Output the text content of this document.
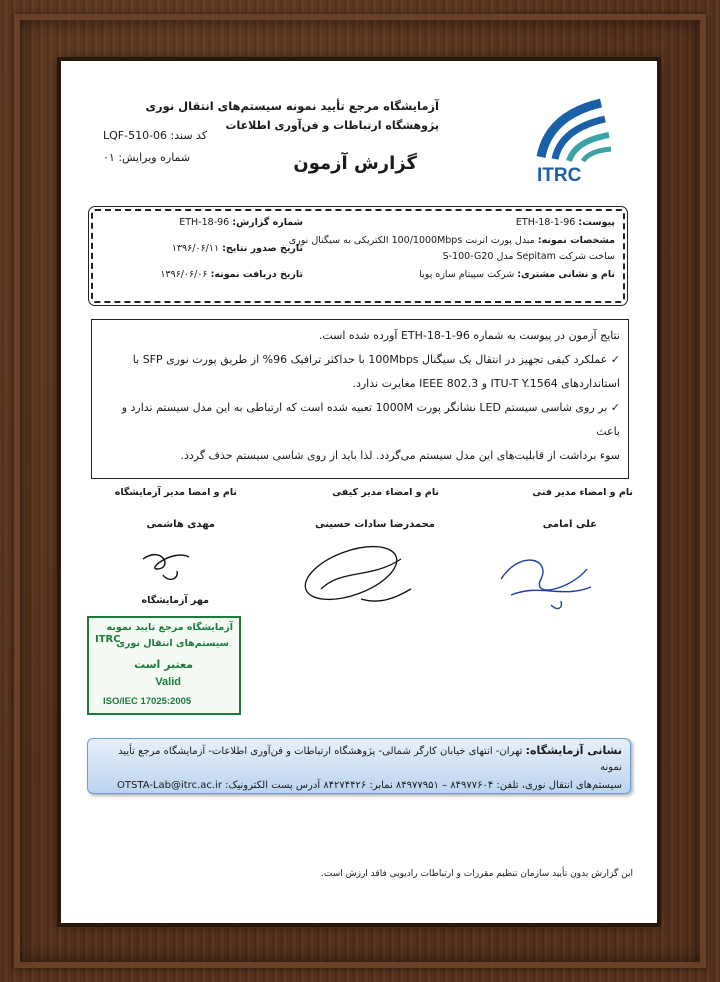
آزمایشگاه مرجع تأیید نمونه سیستم‌های انتقال نوری
پژوهشگاه ارتباطات و فن‌آوری اطلاعات
گزارش آزمون
کد سند: LQF-510-06
شماره ویرایش: ۰۱
ITRC
پیوست: 96-ETH-18-1
مشخصات نمونه: مبدل پورت اترنت 100/1000Mbps الکتریکی به سیگنال نوری
ساخت شرکت Sepitam مدل S-100-G20
نام و نشانی مشتری: شرکت سپیتام سازه پویا
شماره گزارش: 96-ETH-18
تاریخ صدور نتایج: ۱۳۹۶/۰۶/۱۱
تاریخ دریافت نمونه: ۱۳۹۶/۰۶/۰۶

نتایج آزمون در پیوست به شماره 96-ETH-18-1 آورده شده است.

✓ عملکرد کیفی تجهیز در انتقال یک سیگنال 100Mbps با حداکثر ترافیک 96% از طریق پورت نوری SFP با

استانداردهای ITU-T Y.1564 و IEEE 802.3 مغایرت ندارد.

✓ بر روی شاسی سیستم LED نشانگر پورت 1000M تعبیه شده است که ارتباطی به این مدل سیستم ندارد و باعث

سوء برداشت از قابلیت‌های این مدل سیستم می‌گردد. لذا باید از روی شاسی سیستم حذف گردد.

نام و امضاء مدیر فنی
نام و امضاء مدیر کیفی
نام و امضا مدیر آزمایشگاه
علی امامی
محمدرضا سادات حسینی
مهدی هاشمی
مهر آزمایشگاه
آزمایشگاه مرجع تایید نمونه
سیستم‌های انتقال نوری
ITRC
معتبر است
Valid
ISO/IEC 17025:2005
نشانی آزمایشگاه: تهران- انتهای خیابان کارگر شمالی- پژوهشگاه ارتباطات و فن‌آوری اطلاعات- آزمایشگاه مرجع تأیید نمونه
سیستم‌های انتقال نوری، تلفن: ۸۴۹۷۷۶۰۴ – ۸۴۹۷۷۹۵۱ نمابر: ۸۴۲۷۴۴۲۶ آدرس پست الکترونیک: OTSTA-Lab@itrc.ac.ir
این گزارش بدون تأیید سازمان تنظیم مقررات و ارتباطات رادیویی فاقد ارزش است.
